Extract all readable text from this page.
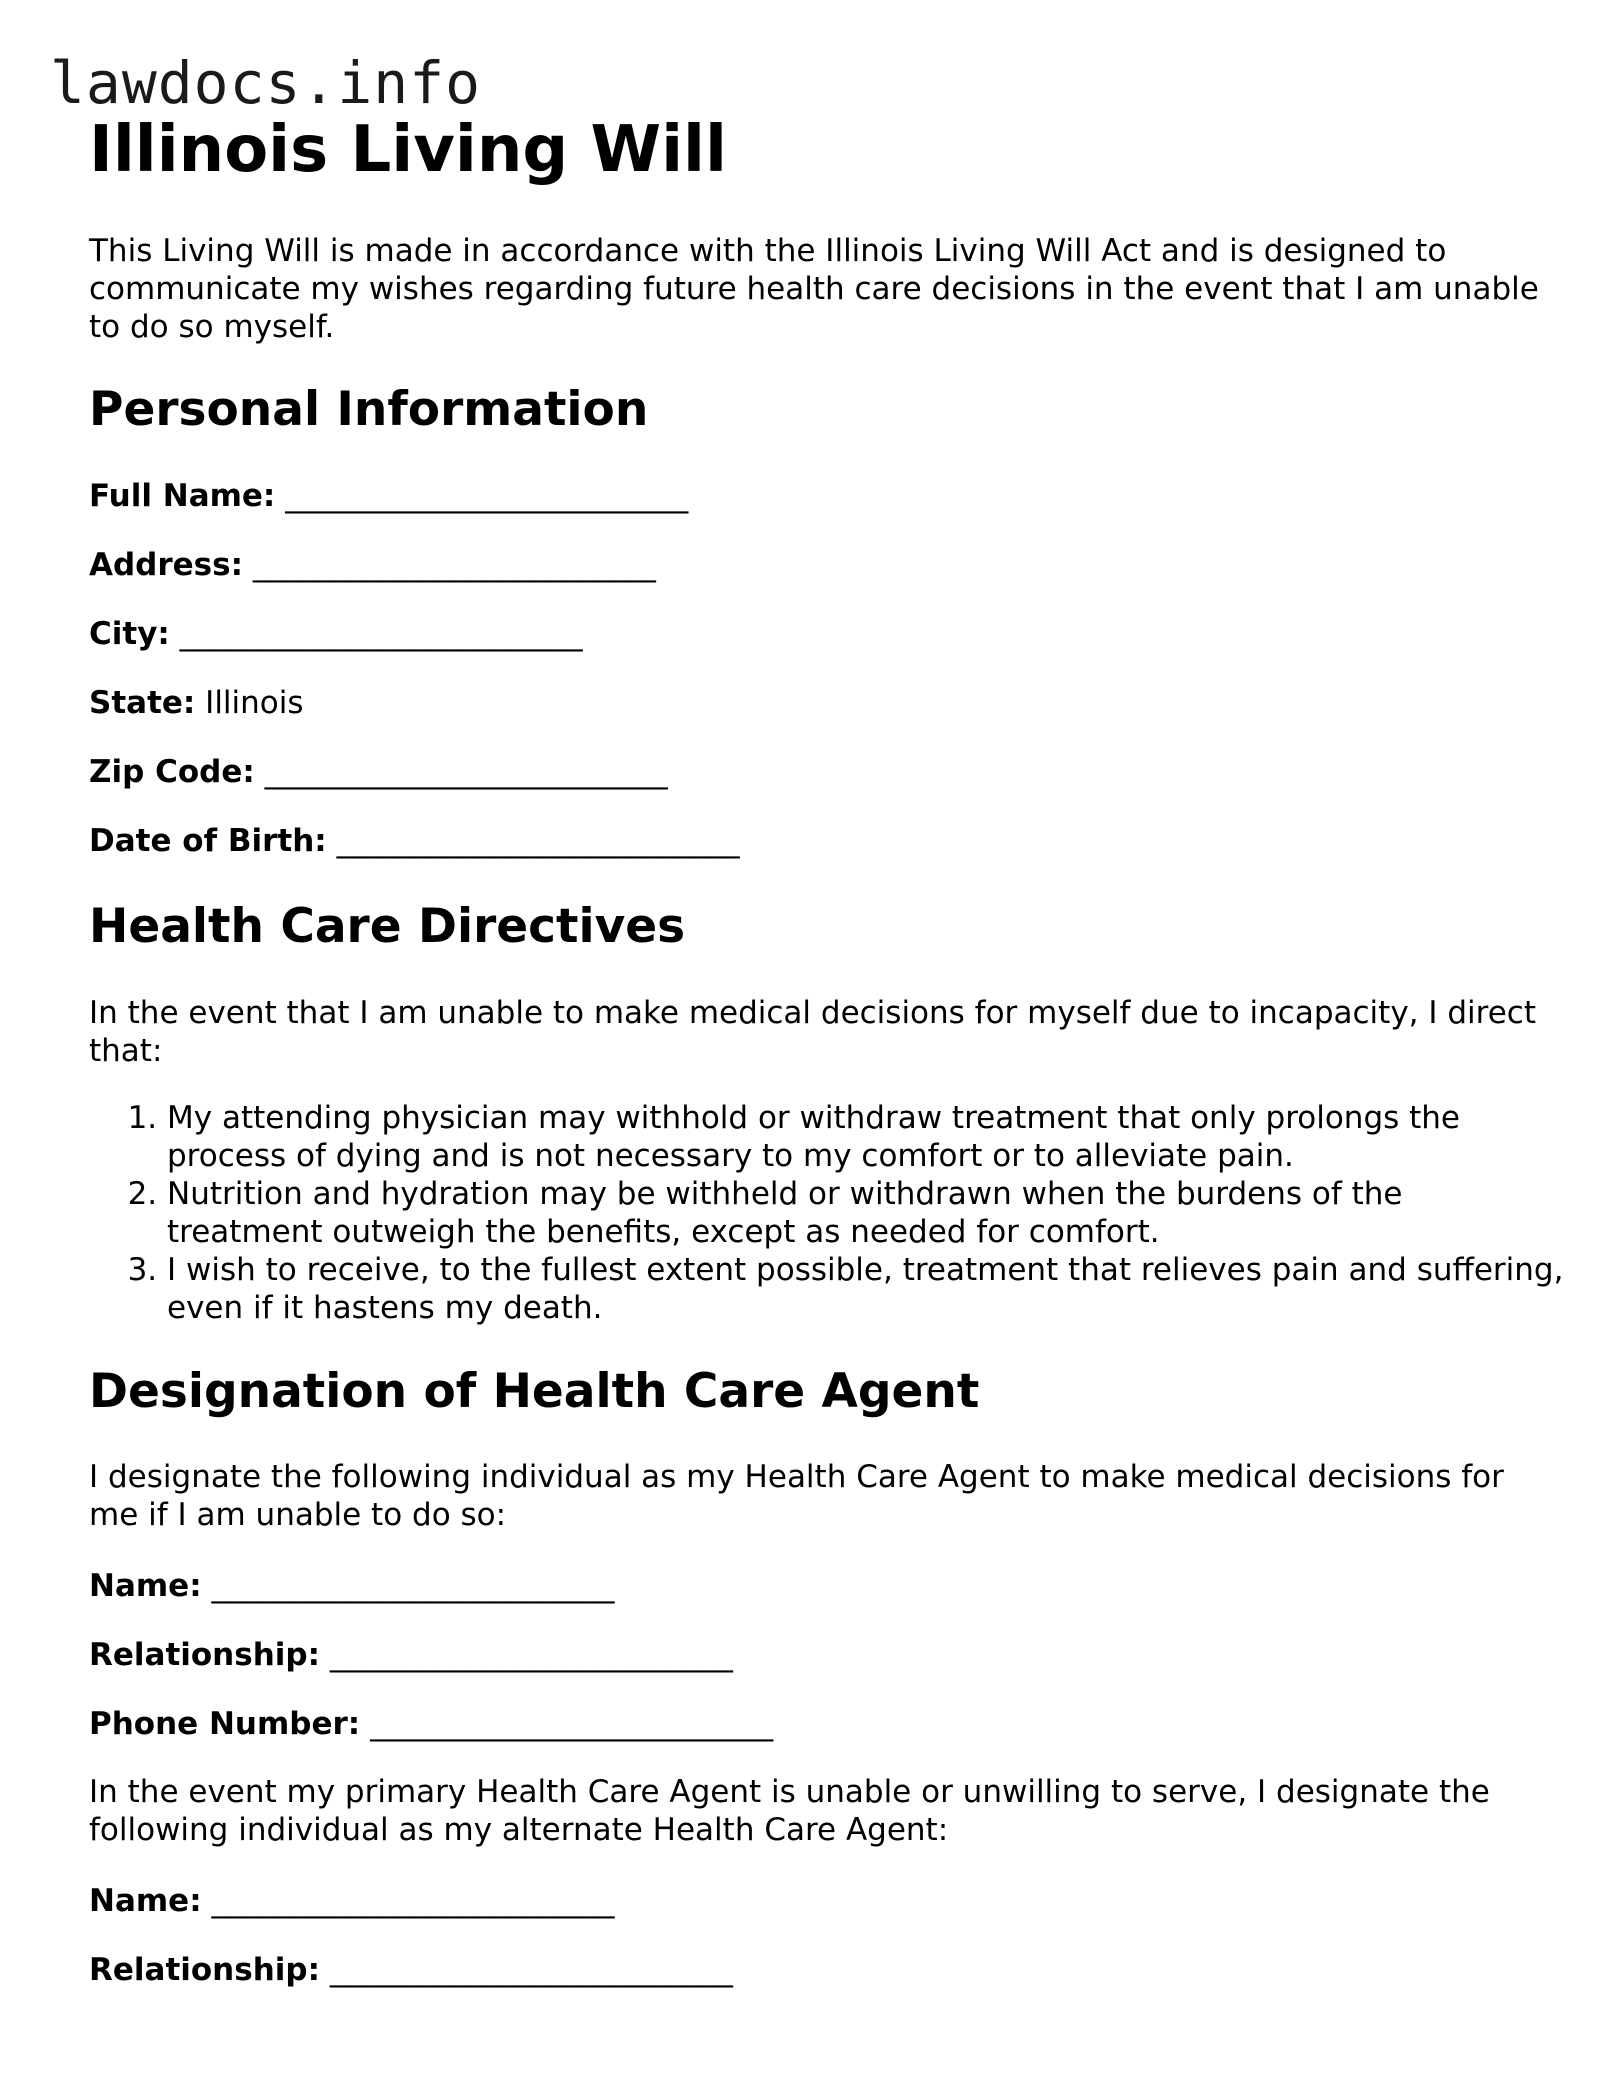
lawdocs.info
Illinois Living Will

This Living Will is made in accordance with the Illinois Living Will Act and is designed to communicate my wishes regarding future health care decisions in the event that I am unable to do so myself.

Personal Information
Full Name: __________________________
Address: __________________________
City: __________________________
State: Illinois
Zip Code: __________________________
Date of Birth: __________________________
Health Care Directives

In the event that I am unable to make medical decisions for myself due to incapacity, I direct that:

1. My attending physician may withhold or withdraw treatment that only prolongs the process of dying and is not necessary to my comfort or to alleviate pain.
2. Nutrition and hydration may be withheld or withdrawn when the burdens of the treatment outweigh the benefits, except as needed for comfort.
3. I wish to receive, to the fullest extent possible, treatment that relieves pain and suffering, even if it hastens my death.
Designation of Health Care Agent

I designate the following individual as my Health Care Agent to make medical decisions for me if I am unable to do so:

Name: __________________________
Relationship: __________________________
Phone Number: __________________________

In the event my primary Health Care Agent is unable or unwilling to serve, I designate the following individual as my alternate Health Care Agent:

Name: __________________________
Relationship: __________________________
